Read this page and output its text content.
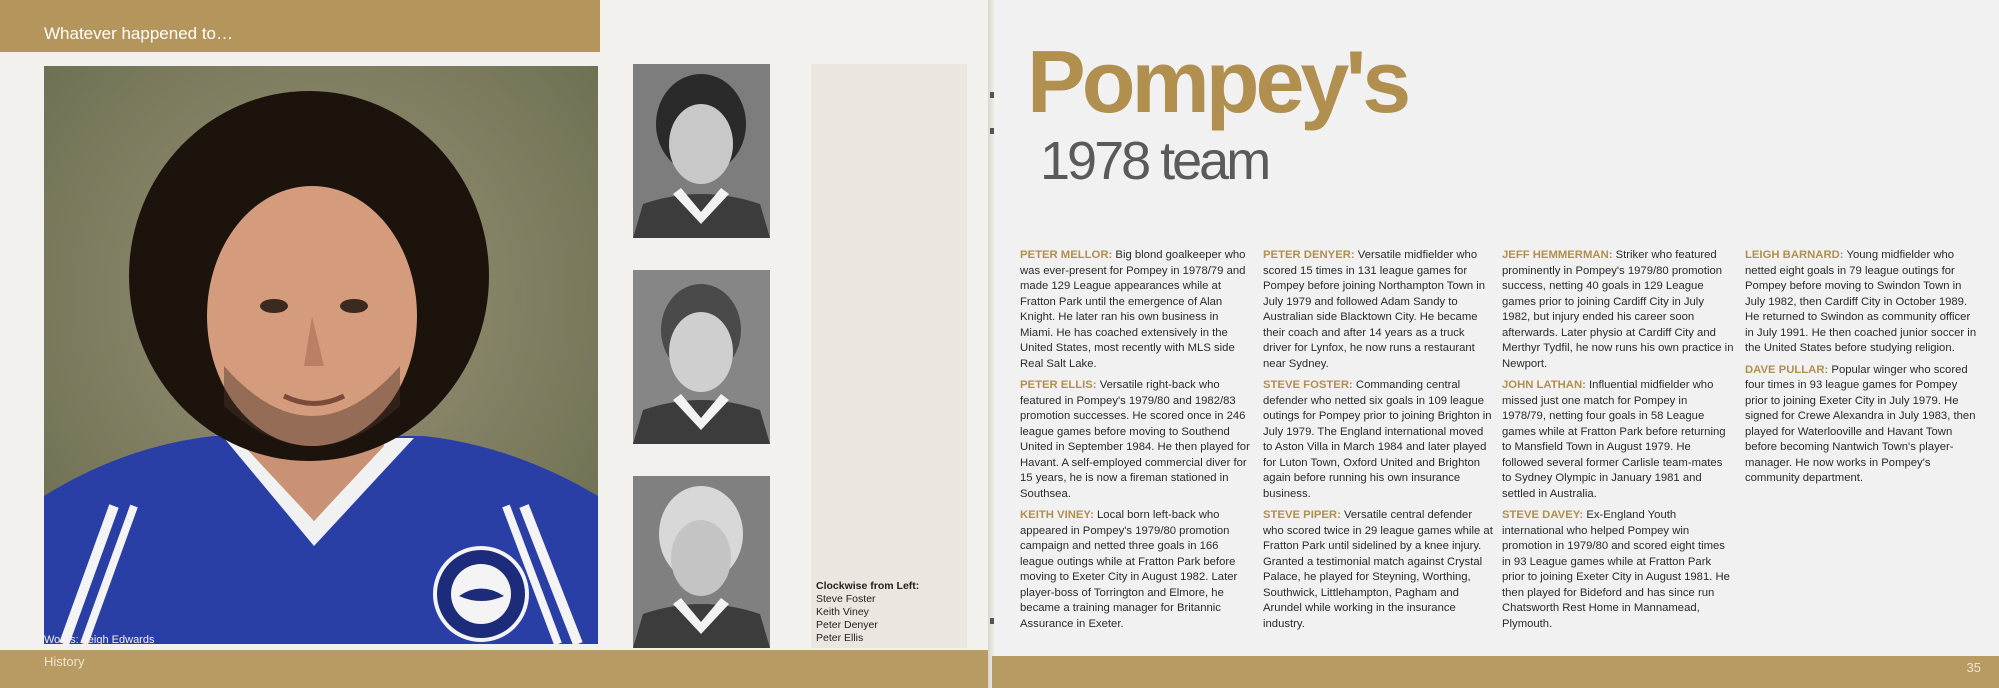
Whatever happened to…
Words: Leigh Edwards
Clockwise from Left:
Steve Foster
Keith Viney
Peter Denyer
Peter Ellis
History
Pompey's
1978 team

PETER MELLOR: Big blond goalkeeper who was ever-present for Pompey in 1978/79 and made 129 League appearances while at Fratton Park until the emergence of Alan Knight. He later ran his own business in Miami. He has coached extensively in the United States, most recently with MLS side Real Salt Lake.

PETER ELLIS: Versatile right-back who featured in Pompey's 1979/80 and 1982/83 promotion successes. He scored once in 246 league games before moving to Southend United in September 1984. He then played for Havant. A self-employed commercial diver for 15 years, he is now a fireman stationed in Southsea.

KEITH VINEY: Local born left-back who appeared in Pompey's 1979/80 promotion campaign and netted three goals in 166 league outings while at Fratton Park before moving to Exeter City in August 1982. Later player-boss of Torrington and Elmore, he became a training manager for Britannic Assurance in Exeter.

PETER DENYER: Versatile midfielder who scored 15 times in 131 league games for Pompey before joining Northampton Town in July 1979 and followed Adam Sandy to Australian side Blacktown City. He became their coach and after 14 years as a truck driver for Lynfox, he now runs a restaurant near Sydney.

STEVE FOSTER: Commanding central defender who netted six goals in 109 league outings for Pompey prior to joining Brighton in July 1979. The England international moved to Aston Villa in March 1984 and later played for Luton Town, Oxford United and Brighton again before running his own insurance business.

STEVE PIPER: Versatile central defender who scored twice in 29 league games while at Fratton Park until sidelined by a knee injury. Granted a testimonial match against Crystal Palace, he played for Steyning, Worthing, Southwick, Littlehampton, Pagham and Arundel while working in the insurance industry.

JEFF HEMMERMAN: Striker who featured prominently in Pompey's 1979/80 promotion success, netting 40 goals in 129 League games prior to joining Cardiff City in July 1982, but injury ended his career soon afterwards. Later physio at Cardiff City and Merthyr Tydfil, he now runs his own practice in Newport.

JOHN LATHAN: Influential midfielder who missed just one match for Pompey in 1978/79, netting four goals in 58 League games while at Fratton Park before returning to Mansfield Town in August 1979. He followed several former Carlisle team-mates to Sydney Olympic in January 1981 and settled in Australia.

STEVE DAVEY: Ex-England Youth international who helped Pompey win promotion in 1979/80 and scored eight times in 93 League games while at Fratton Park prior to joining Exeter City in August 1981. He then played for Bideford and has since run Chatsworth Rest Home in Mannamead, Plymouth.

LEIGH BARNARD: Young midfielder who netted eight goals in 79 league outings for Pompey before moving to Swindon Town in July 1982, then Cardiff City in October 1989. He returned to Swindon as community officer in July 1991. He then coached junior soccer in the United States before studying religion.

DAVE PULLAR: Popular winger who scored four times in 93 league games for Pompey prior to joining Exeter City in July 1979. He signed for Crewe Alexandra in July 1983, then played for Waterlooville and Havant Town before becoming Nantwich Town's player-manager. He now works in Pompey's community department.

35
